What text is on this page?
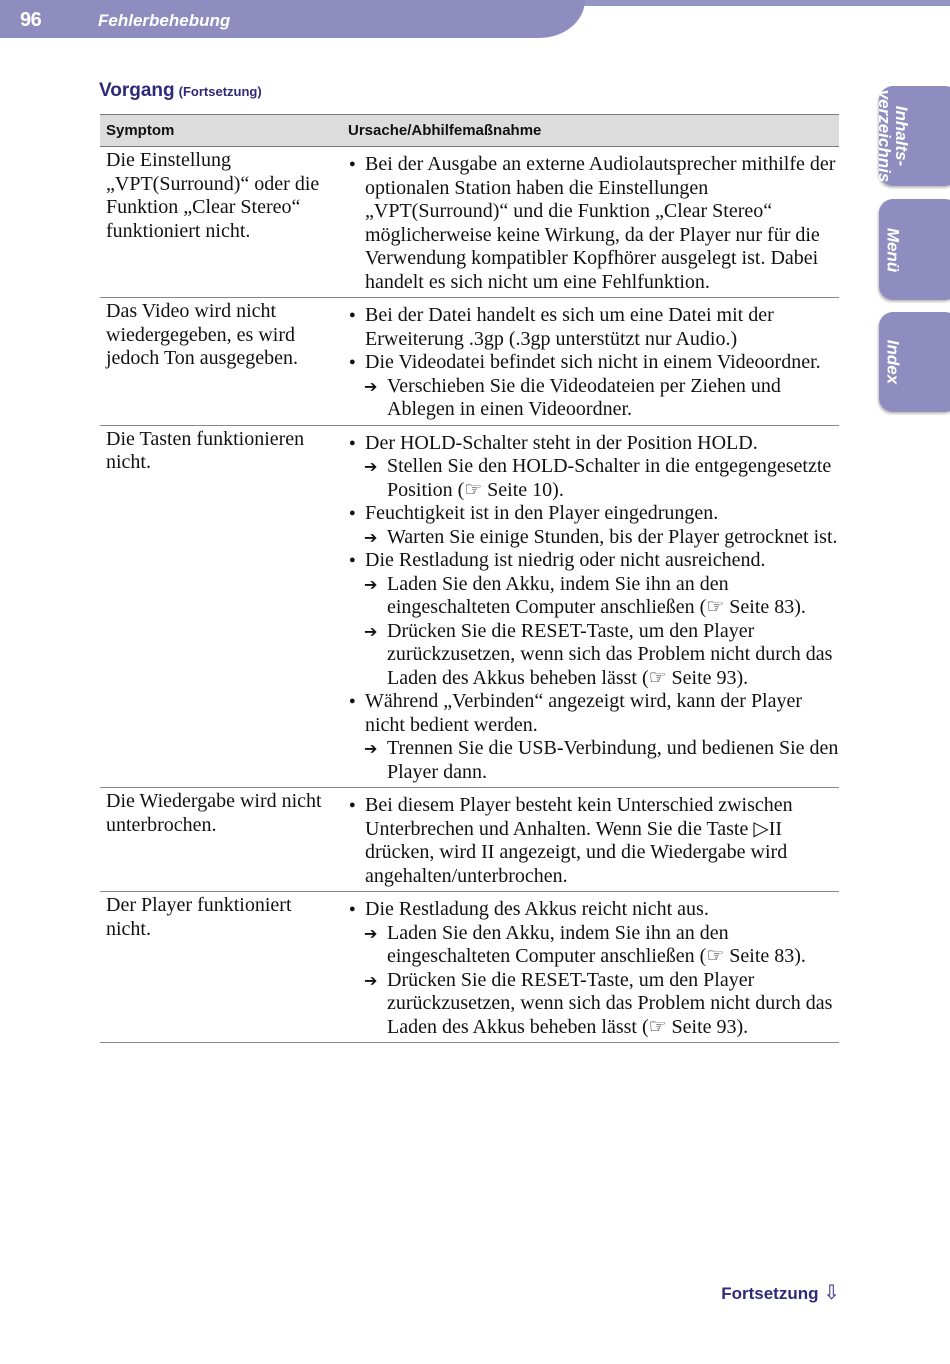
96	Fehlerbehebung
Inhalts-
verzeichnis
Menü
Index
Vorgang (Fortsetzung)
Symptom	Ursache/Abhilfemaßnahme
Die Einstellung „VPT(Surround)“ oder die Funktion „Clear Stereo“ funktioniert nicht.
● Bei der Ausgabe an externe Audiolautsprecher mithilfe der optionalen Station haben die Einstellungen „VPT(Surround)“ und die Funktion „Clear Stereo“ möglicherweise keine Wirkung, da der Player nur für die Verwendung kompatibler Kopfhörer ausgelegt ist. Dabei handelt es sich nicht um eine Fehlfunktion.
Das Video wird nicht wiedergegeben, es wird jedoch Ton ausgegeben.
● Bei der Datei handelt es sich um eine Datei mit der Erweiterung .3gp (.3gp unterstützt nur Audio.)
● Die Videodatei befindet sich nicht in einem Videoordner.
➔ Verschieben Sie die Videodateien per Ziehen und Ablegen in einen Videoordner.
Die Tasten funktionieren nicht.
● Der HOLD-Schalter steht in der Position HOLD.
➔ Stellen Sie den HOLD-Schalter in die entgegengesetzte Position (☞ Seite 10).
● Feuchtigkeit ist in den Player eingedrungen.
➔ Warten Sie einige Stunden, bis der Player getrocknet ist.
● Die Restladung ist niedrig oder nicht ausreichend.
➔ Laden Sie den Akku, indem Sie ihn an den eingeschalteten Computer anschließen (☞ Seite 83).
➔ Drücken Sie die RESET-Taste, um den Player zurückzusetzen, wenn sich das Problem nicht durch das Laden des Akkus beheben lässt (☞ Seite 93).
● Während „Verbinden“ angezeigt wird, kann der Player nicht bedient werden.
➔ Trennen Sie die USB-Verbindung, und bedienen Sie den Player dann.
Die Wiedergabe wird nicht unterbrochen.
● Bei diesem Player besteht kein Unterschied zwischen Unterbrechen und Anhalten. Wenn Sie die Taste ▷II drücken, wird II angezeigt, und die Wiedergabe wird angehalten/unterbrochen.
Der Player funktioniert nicht.
● Die Restladung des Akkus reicht nicht aus.
➔ Laden Sie den Akku, indem Sie ihn an den eingeschalteten Computer anschließen (☞ Seite 83).
➔ Drücken Sie die RESET-Taste, um den Player zurückzusetzen, wenn sich das Problem nicht durch das Laden des Akkus beheben lässt (☞ Seite 93).
Fortsetzung ⇩
